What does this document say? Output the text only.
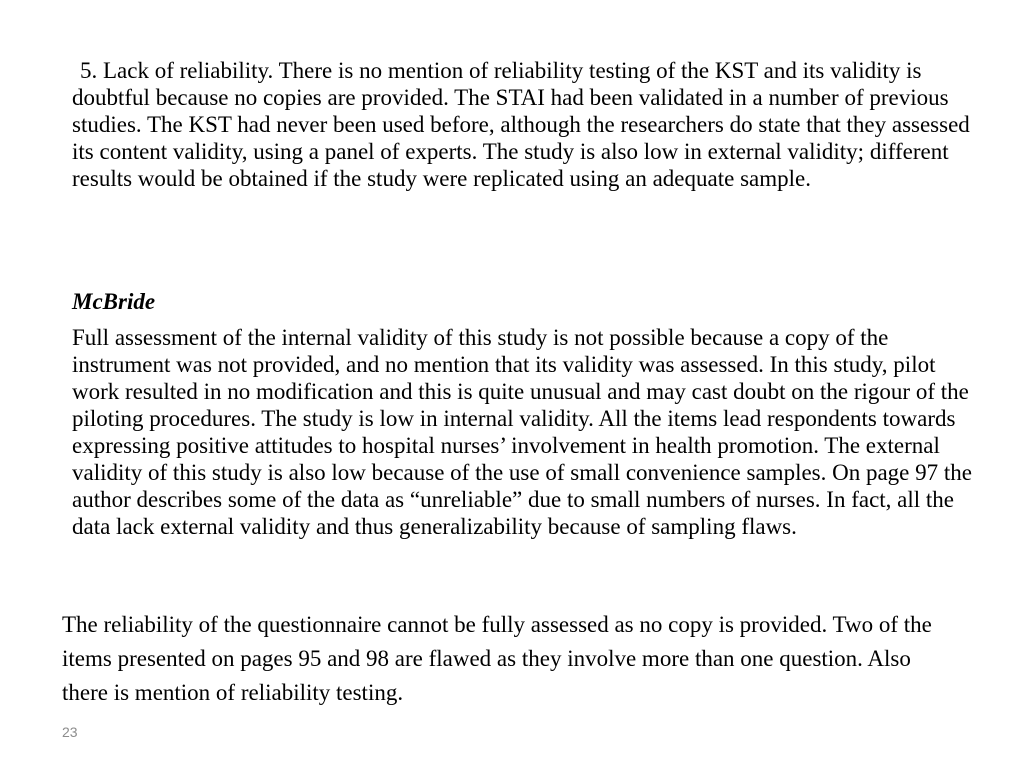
5. Lack of reliability. There is no mention of reliability testing of the KST and its validity is doubtful because no copies are provided. The STAI had been validated in a number of previous studies. The KST had never been used before, although the researchers do state that they assessed its content validity, using a panel of experts. The study is also low in external validity; different results would be obtained if the study were replicated using an adequate sample.

McBride

Full assessment of the internal validity of this study is not possible because a copy of the instrument was not provided, and no mention that its validity was assessed. In this study, pilot work resulted in no modification and this is quite unusual and may cast doubt on the rigour of the piloting procedures. The study is low in internal validity. All the items lead respondents towards expressing positive attitudes to hospital nurses’ involvement in health promotion. The external validity of this study is also low because of the use of small convenience samples. On page 97 the author describes some of the data as “unreliable” due to small numbers of nurses. In fact, all the data lack external validity and thus generalizability because of sampling flaws.

The reliability of the questionnaire cannot be fully assessed as no copy is provided. Two of the items presented on pages 95 and 98 are flawed as they involve more than one question. Also there is mention of reliability testing.

23
